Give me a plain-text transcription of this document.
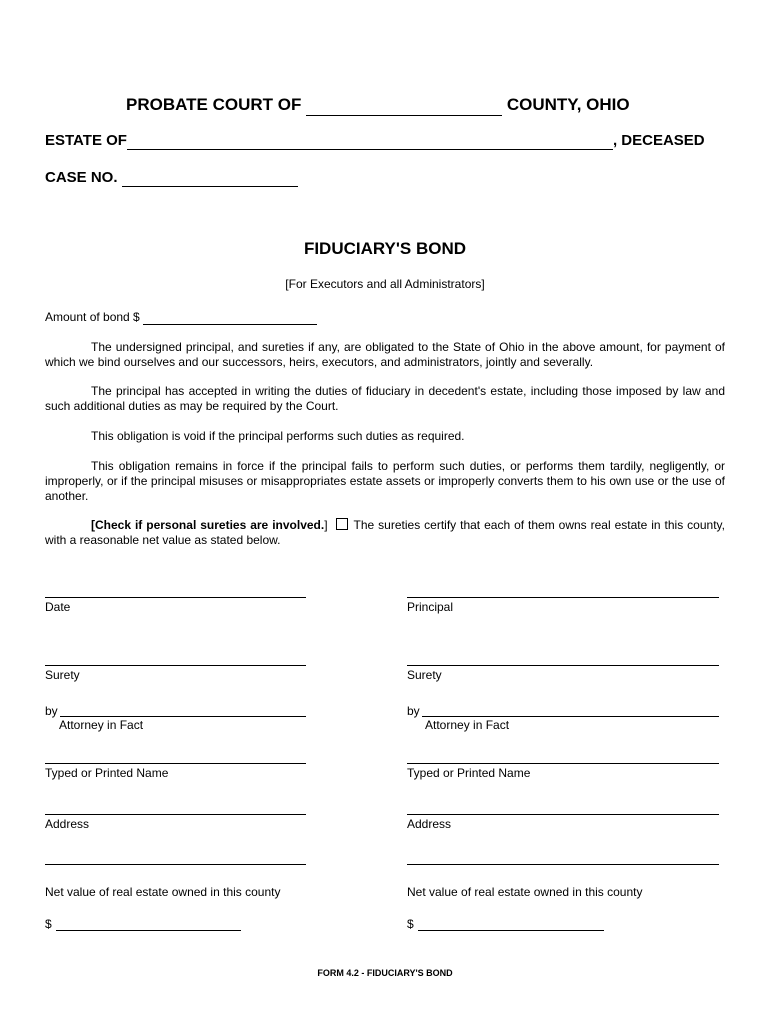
PROBATE COURT OF	COUNTY, OHIO
ESTATE OF	, DECEASED
CASE NO.
FIDUCIARY'S BOND
[For Executors and all Administrators]
Amount of bond $
The undersigned principal, and sureties if any, are obligated to the State of Ohio in the above amount, for payment of which we bind ourselves and our successors, heirs, executors, and administrators, jointly and severally.
The principal has accepted in writing the duties of fiduciary in decedent's estate, including those imposed by law and such additional duties as may be required by the Court.
This obligation is void if the principal performs such duties as required.
This obligation remains in force if the principal fails to perform such duties, or performs them tardily, negligently, or improperly, or if the principal misuses or misappropriates estate assets or improperly converts them to his own use or the use of another.
[Check if personal sureties are involved.] The sureties certify that each of them owns real estate in this county, with a reasonable net value as stated below.
Date
Surety
by
Attorney in Fact
Typed or Printed Name
Address
Net value of real estate owned in this county
$
Principal
Surety
by
Attorney in Fact
Typed or Printed Name
Address
Net value of real estate owned in this county
$
FORM 4.2 - FIDUCIARY'S BOND
